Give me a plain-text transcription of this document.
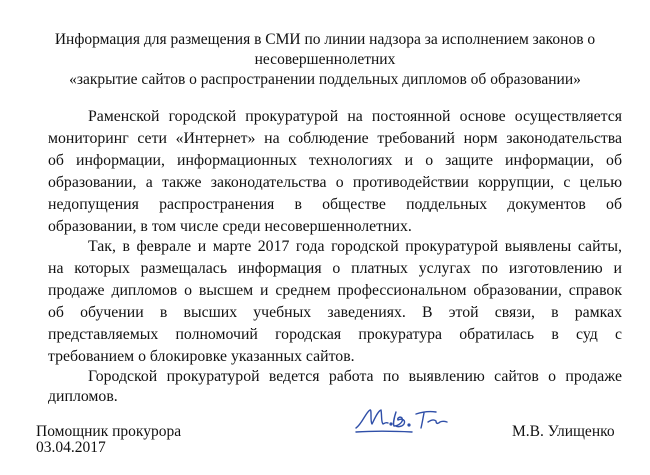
Информация для размещения в СМИ по линии надзора за исполнением законов о
несовершеннолетних
«закрытие сайтов о распространении поддельных дипломов об образовании»
Раменской городской прокуратурой на постоянной основе осуществляется
мониторинг сети «Интернет» на соблюдение требований норм законодательства
об информации, информационных технологиях и о защите информации, об
образовании, а также законодательства о противодействии коррупции, с целью
недопущения распространения в обществе поддельных документов об
образовании, в том числе среди несовершеннолетних.
Так, в феврале и марте 2017 года городской прокуратурой выявлены сайты,
на которых размещалась информация о платных услугах по изготовлению и
продаже дипломов о высшем и среднем профессиональном образовании, справок
об обучении в высших учебных заведениях. В этой связи, в рамках
представляемых полномочий городская прокуратура обратилась в суд с
требованием о блокировке указанных сайтов.
Городской прокуратурой ведется работа по выявлению сайтов о продаже
дипломов.
Помощник прокурора
03.04.2017
М.В. Улищенко
